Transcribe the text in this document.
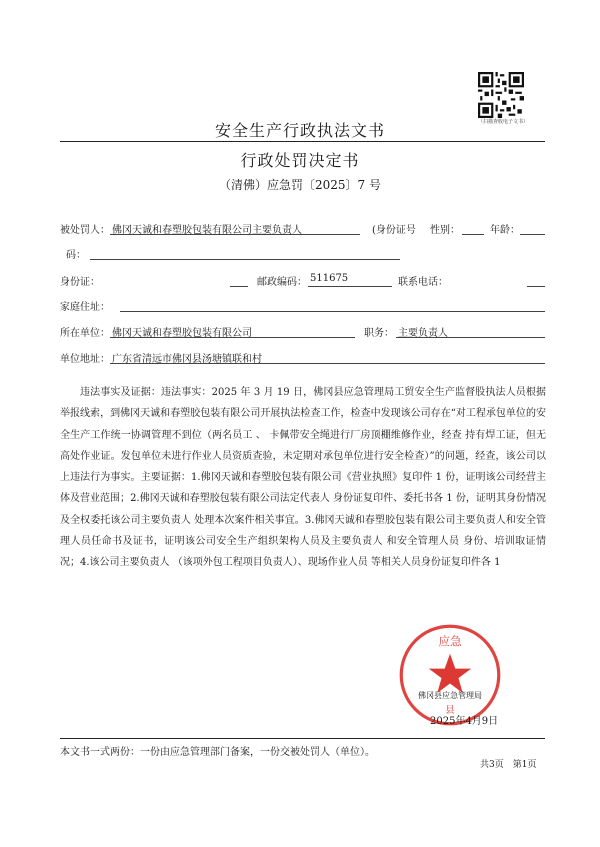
（扫描查收电子文书）
安全生产行政执法文书
行政处罚决定书
（清佛）应急罚〔2025〕7 号
被处罚人： 佛冈天诚和春塑胶包装有限公司主要负责人	(身份证号 性别：	年龄：
码：
身份证：	邮政编码： 511675	联系电话：
家庭住址：
所在单位： 佛冈天诚和春塑胶包装有限公司	职务： 主要负责人
单位地址： 广东省清远市佛冈县汤塘镇联和村
违法事实及证据：违法事实：2025 年 3 月 19 日，佛冈县应急管理局工贸安全生产监督股执法人员根据举报线索，到佛冈天诚和春塑胶包装有限公司开展执法检查工作，检查中发现该公司存在“对工程承包单位的安全生产工作统一协调管理不到位（两名员工 、 卡佩带安全绳进行厂房顶棚维修作业，经查 持有焊工证，但无高处作业证。发包单位未进行作业人员资质查验，未定期对承包单位进行安全检查）”的问题，经查，该公司以上违法行为事实。主要证据：1.佛冈天诚和春塑胶包装有限公司《营业执照》复印件 1 份，证明该公司经营主体及营业范围；2.佛冈天诚和春塑胶包装有限公司法定代表人 身份证复印件、委托书各 1 份，证明其身份情况及全权委托该公司主要负责人 处理本次案件相关事宜。3.佛冈天诚和春塑胶包装有限公司主要负责人和安全管理人员任命书及证书，证明该公司安全生产组织架构人员及主要负责人 和安全管理人员 身份、培训取证情况；4.该公司主要负责人 （该项外包工程项目负责人）、现场作业人员 等相关人员身份证复印件各 1
应急
县
佛冈县应急管理局
2025年4月9日
本文书一式两份：一份由应急管理部门备案，一份交被处罚人（单位）。
共3页　第1页
